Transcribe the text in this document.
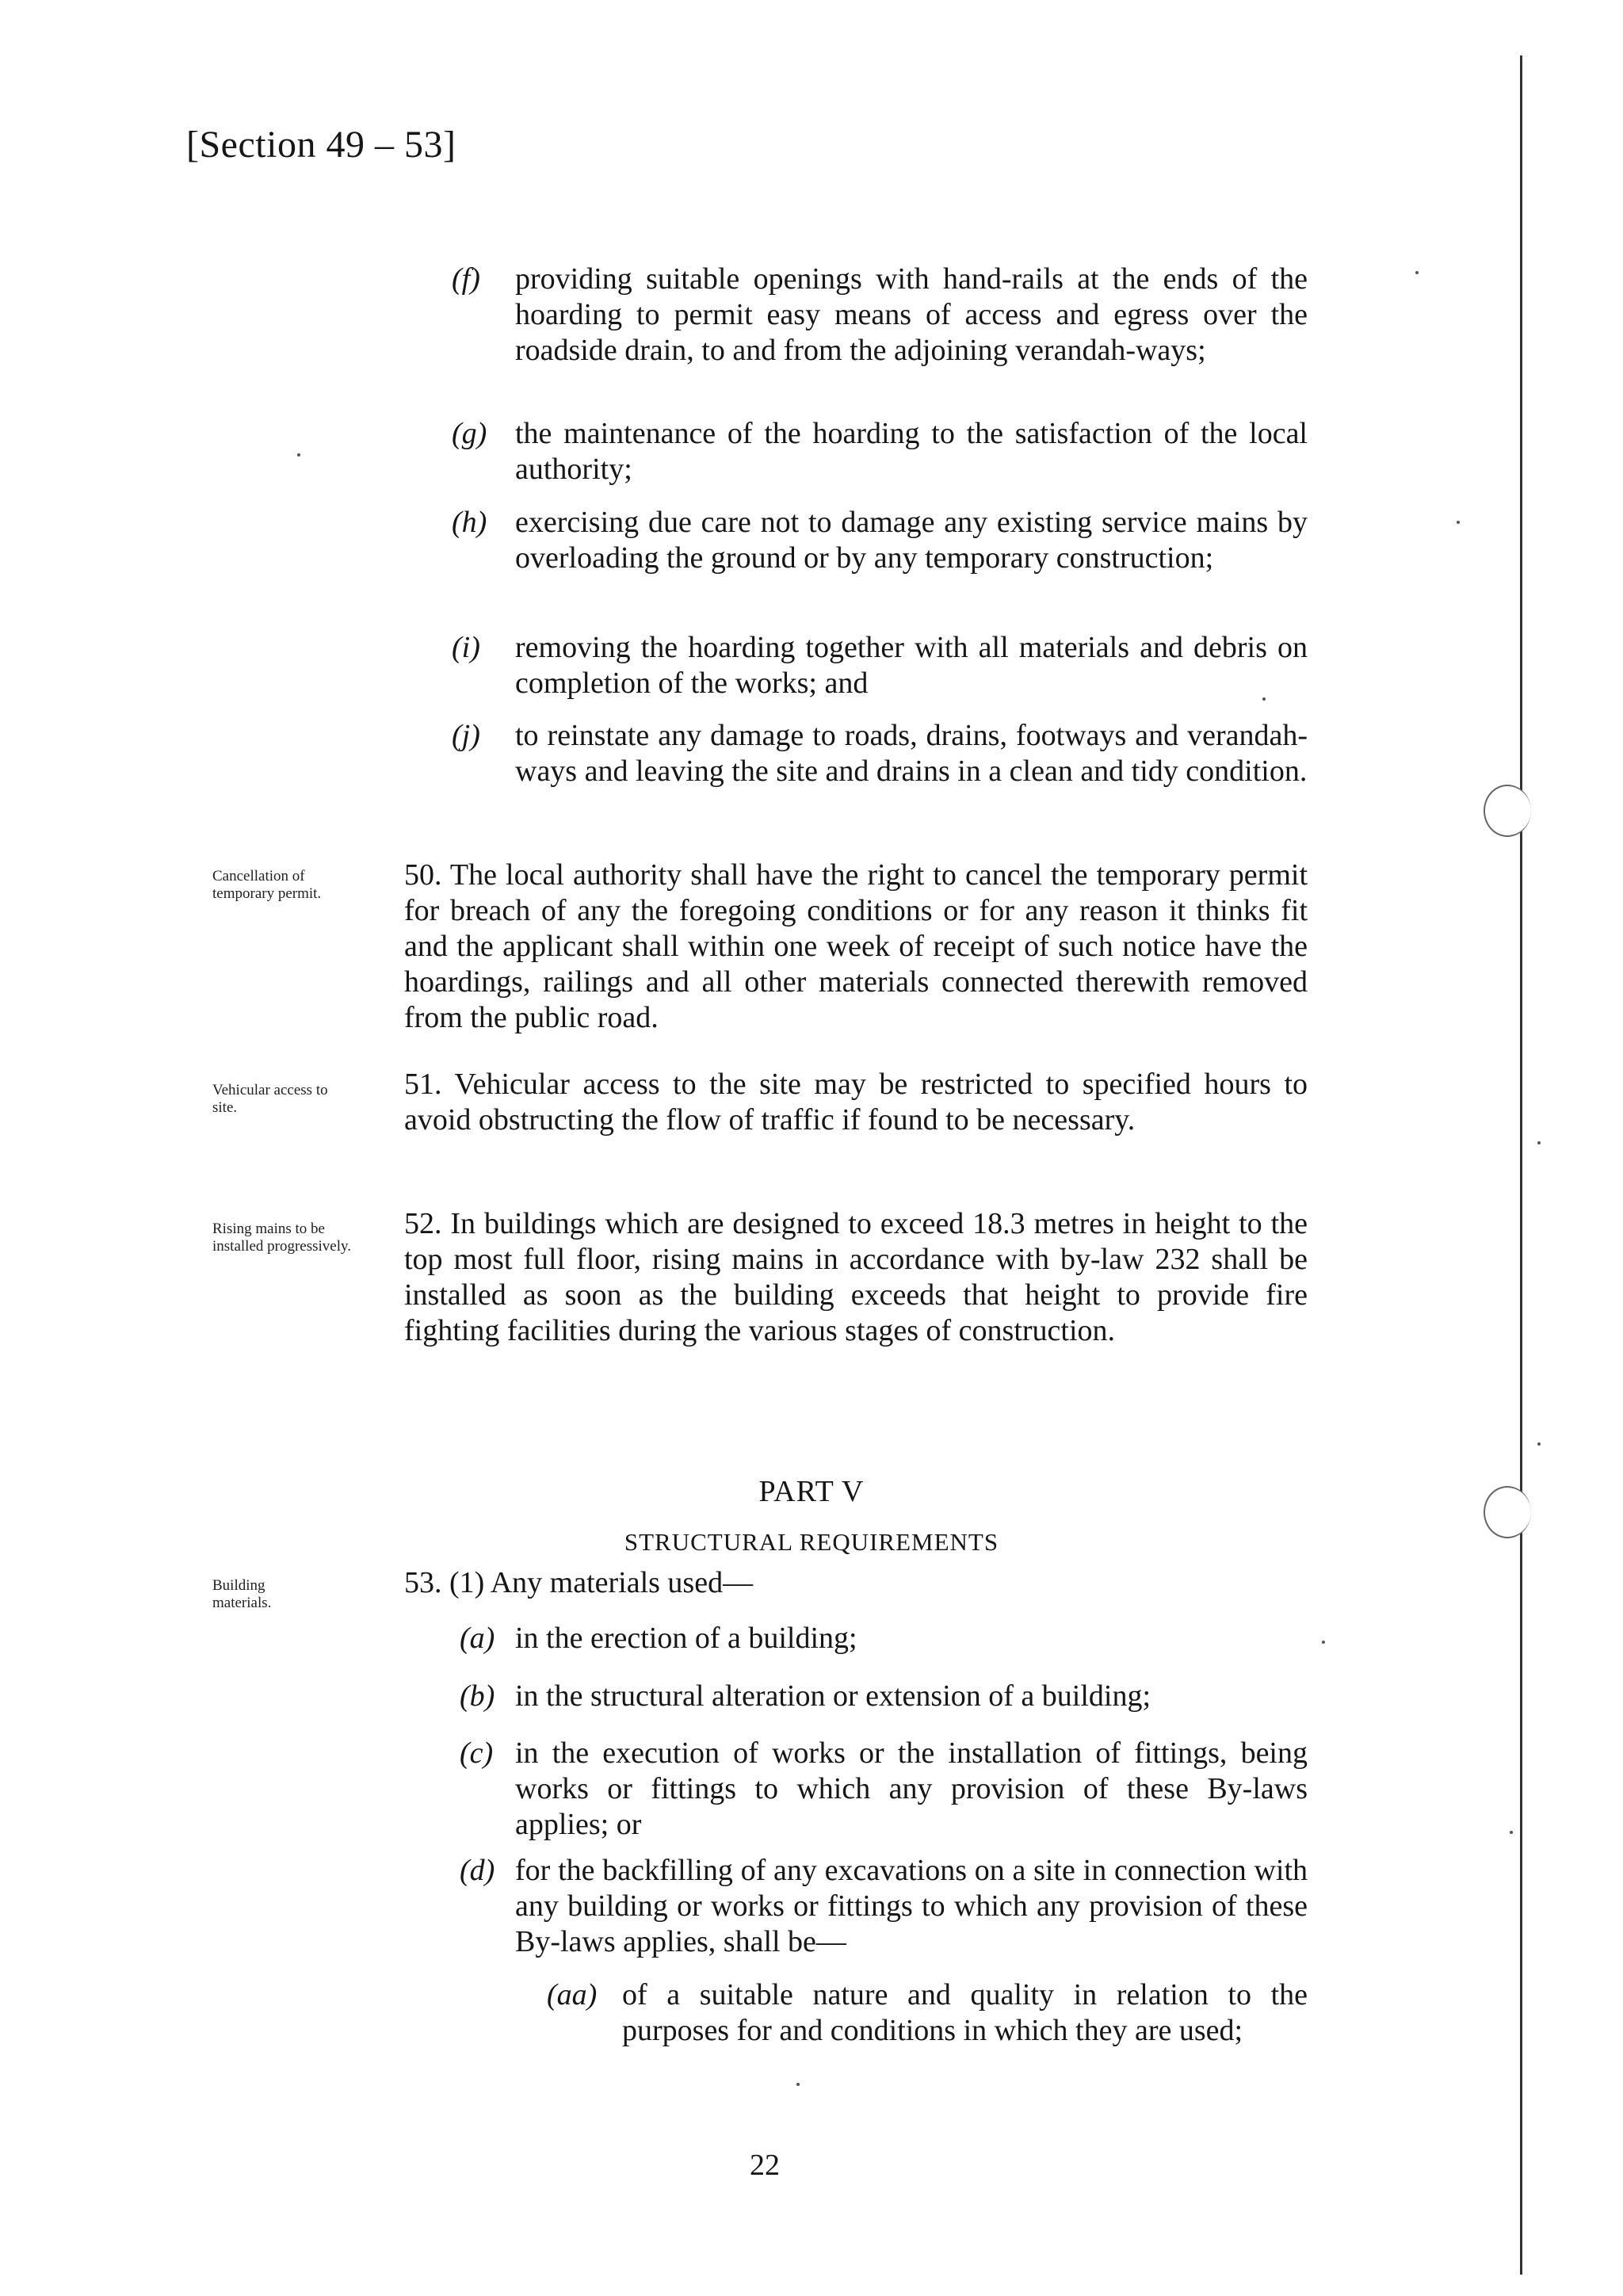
[Section 49 – 53]
(f) providing suitable openings with hand-rails at the ends of the hoarding to permit easy means of access and egress over the roadside drain, to and from the adjoining verandah-ways;
(g) the maintenance of the hoarding to the satisfaction of the local authority;
(h) exercising due care not to damage any existing service mains by overloading the ground or by any temporary construction;
(i) removing the hoarding together with all materials and debris on completion of the works; and
(j) to reinstate any damage to roads, drains, footways and verandah-ways and leaving the site and drains in a clean and tidy condition.
Cancellation of temporary permit.
50. The local authority shall have the right to cancel the temporary permit for breach of any the foregoing conditions or for any reason it thinks fit and the applicant shall within one week of receipt of such notice have the hoardings, railings and all other materials connected therewith removed from the public road.
Vehicular access to site.
51. Vehicular access to the site may be restricted to specified hours to avoid obstructing the flow of traffic if found to be necessary.
Rising mains to be installed progressively.
52. In buildings which are designed to exceed 18.3 metres in height to the top most full floor, rising mains in accordance with by-law 232 shall be installed as soon as the building exceeds that height to provide fire fighting facilities during the various stages of construction.
PART V
STRUCTURAL REQUIREMENTS
Building materials.
53. (1) Any materials used—
(a) in the erection of a building;
(b) in the structural alteration or extension of a building;
(c) in the execution of works or the installation of fittings, being works or fittings to which any provision of these By-laws applies; or
(d) for the backfilling of any excavations on a site in connection with any building or works or fittings to which any provision of these By-laws applies, shall be—
(aa) of a suitable nature and quality in relation to the purposes for and conditions in which they are used;
22
